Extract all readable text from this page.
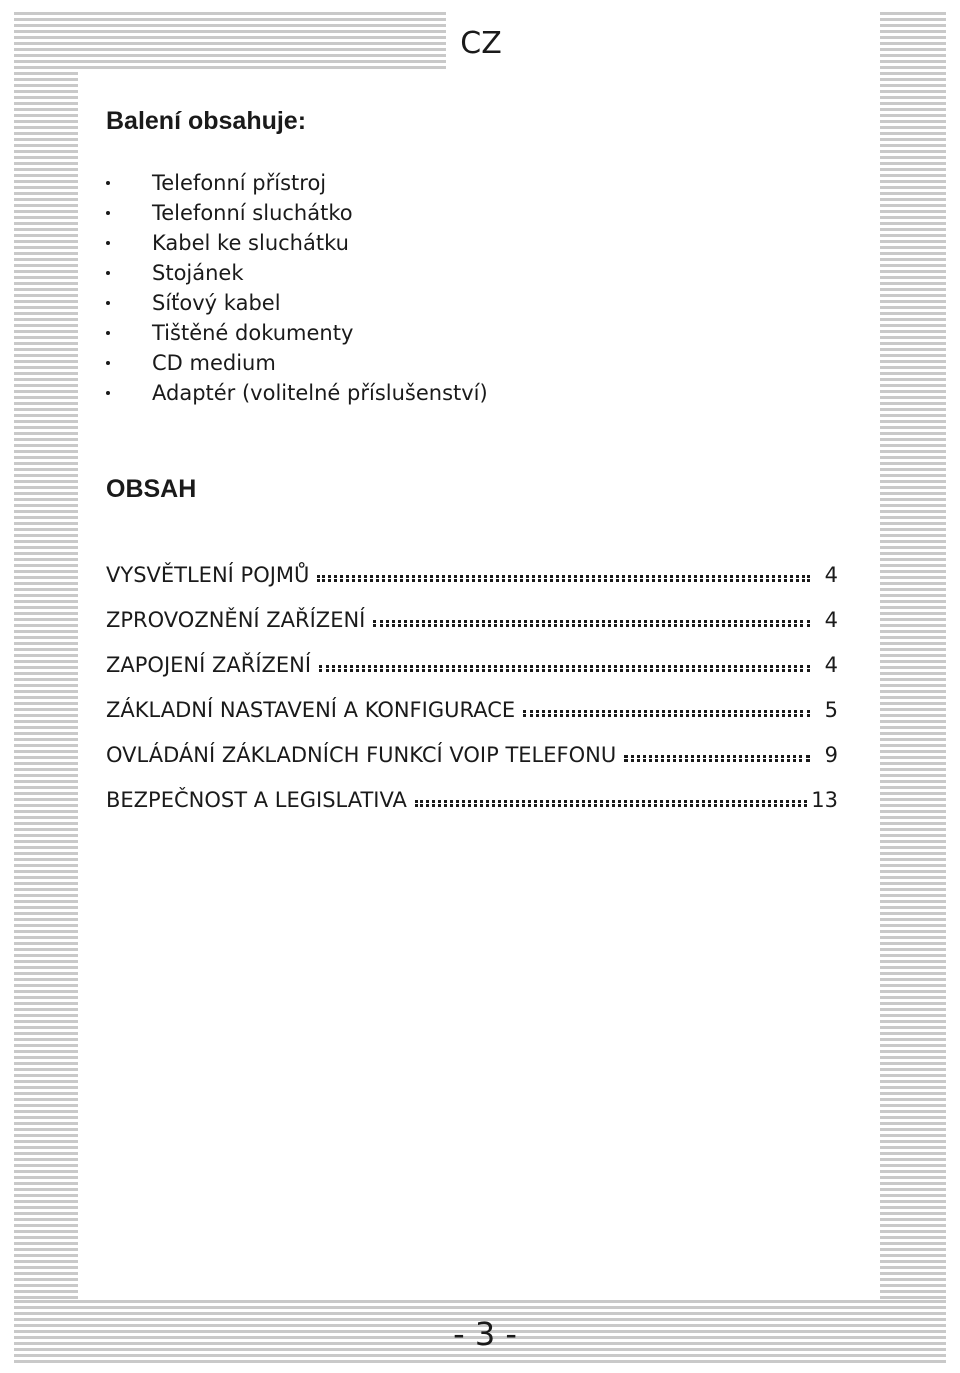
CZ
Balení obsahuje:
Telefonní přístroj
Telefonní sluchátko
Kabel ke sluchátku
Stojánek
Síťový kabel
Tištěné dokumenty
CD medium
Adaptér (volitelné příslušenství)
OBSAH
VYSVĚTLENÍ POJMŮ	4
ZPROVOZNĚNÍ ZAŘÍZENÍ	4
ZAPOJENÍ ZAŘÍZENÍ	4
ZÁKLADNÍ NASTAVENÍ A KONFIGURACE	5
OVLÁDÁNÍ ZÁKLADNÍCH FUNKCÍ VOIP TELEFONU	9
BEZPEČNOST A LEGISLATIVA	13
- 3 -
